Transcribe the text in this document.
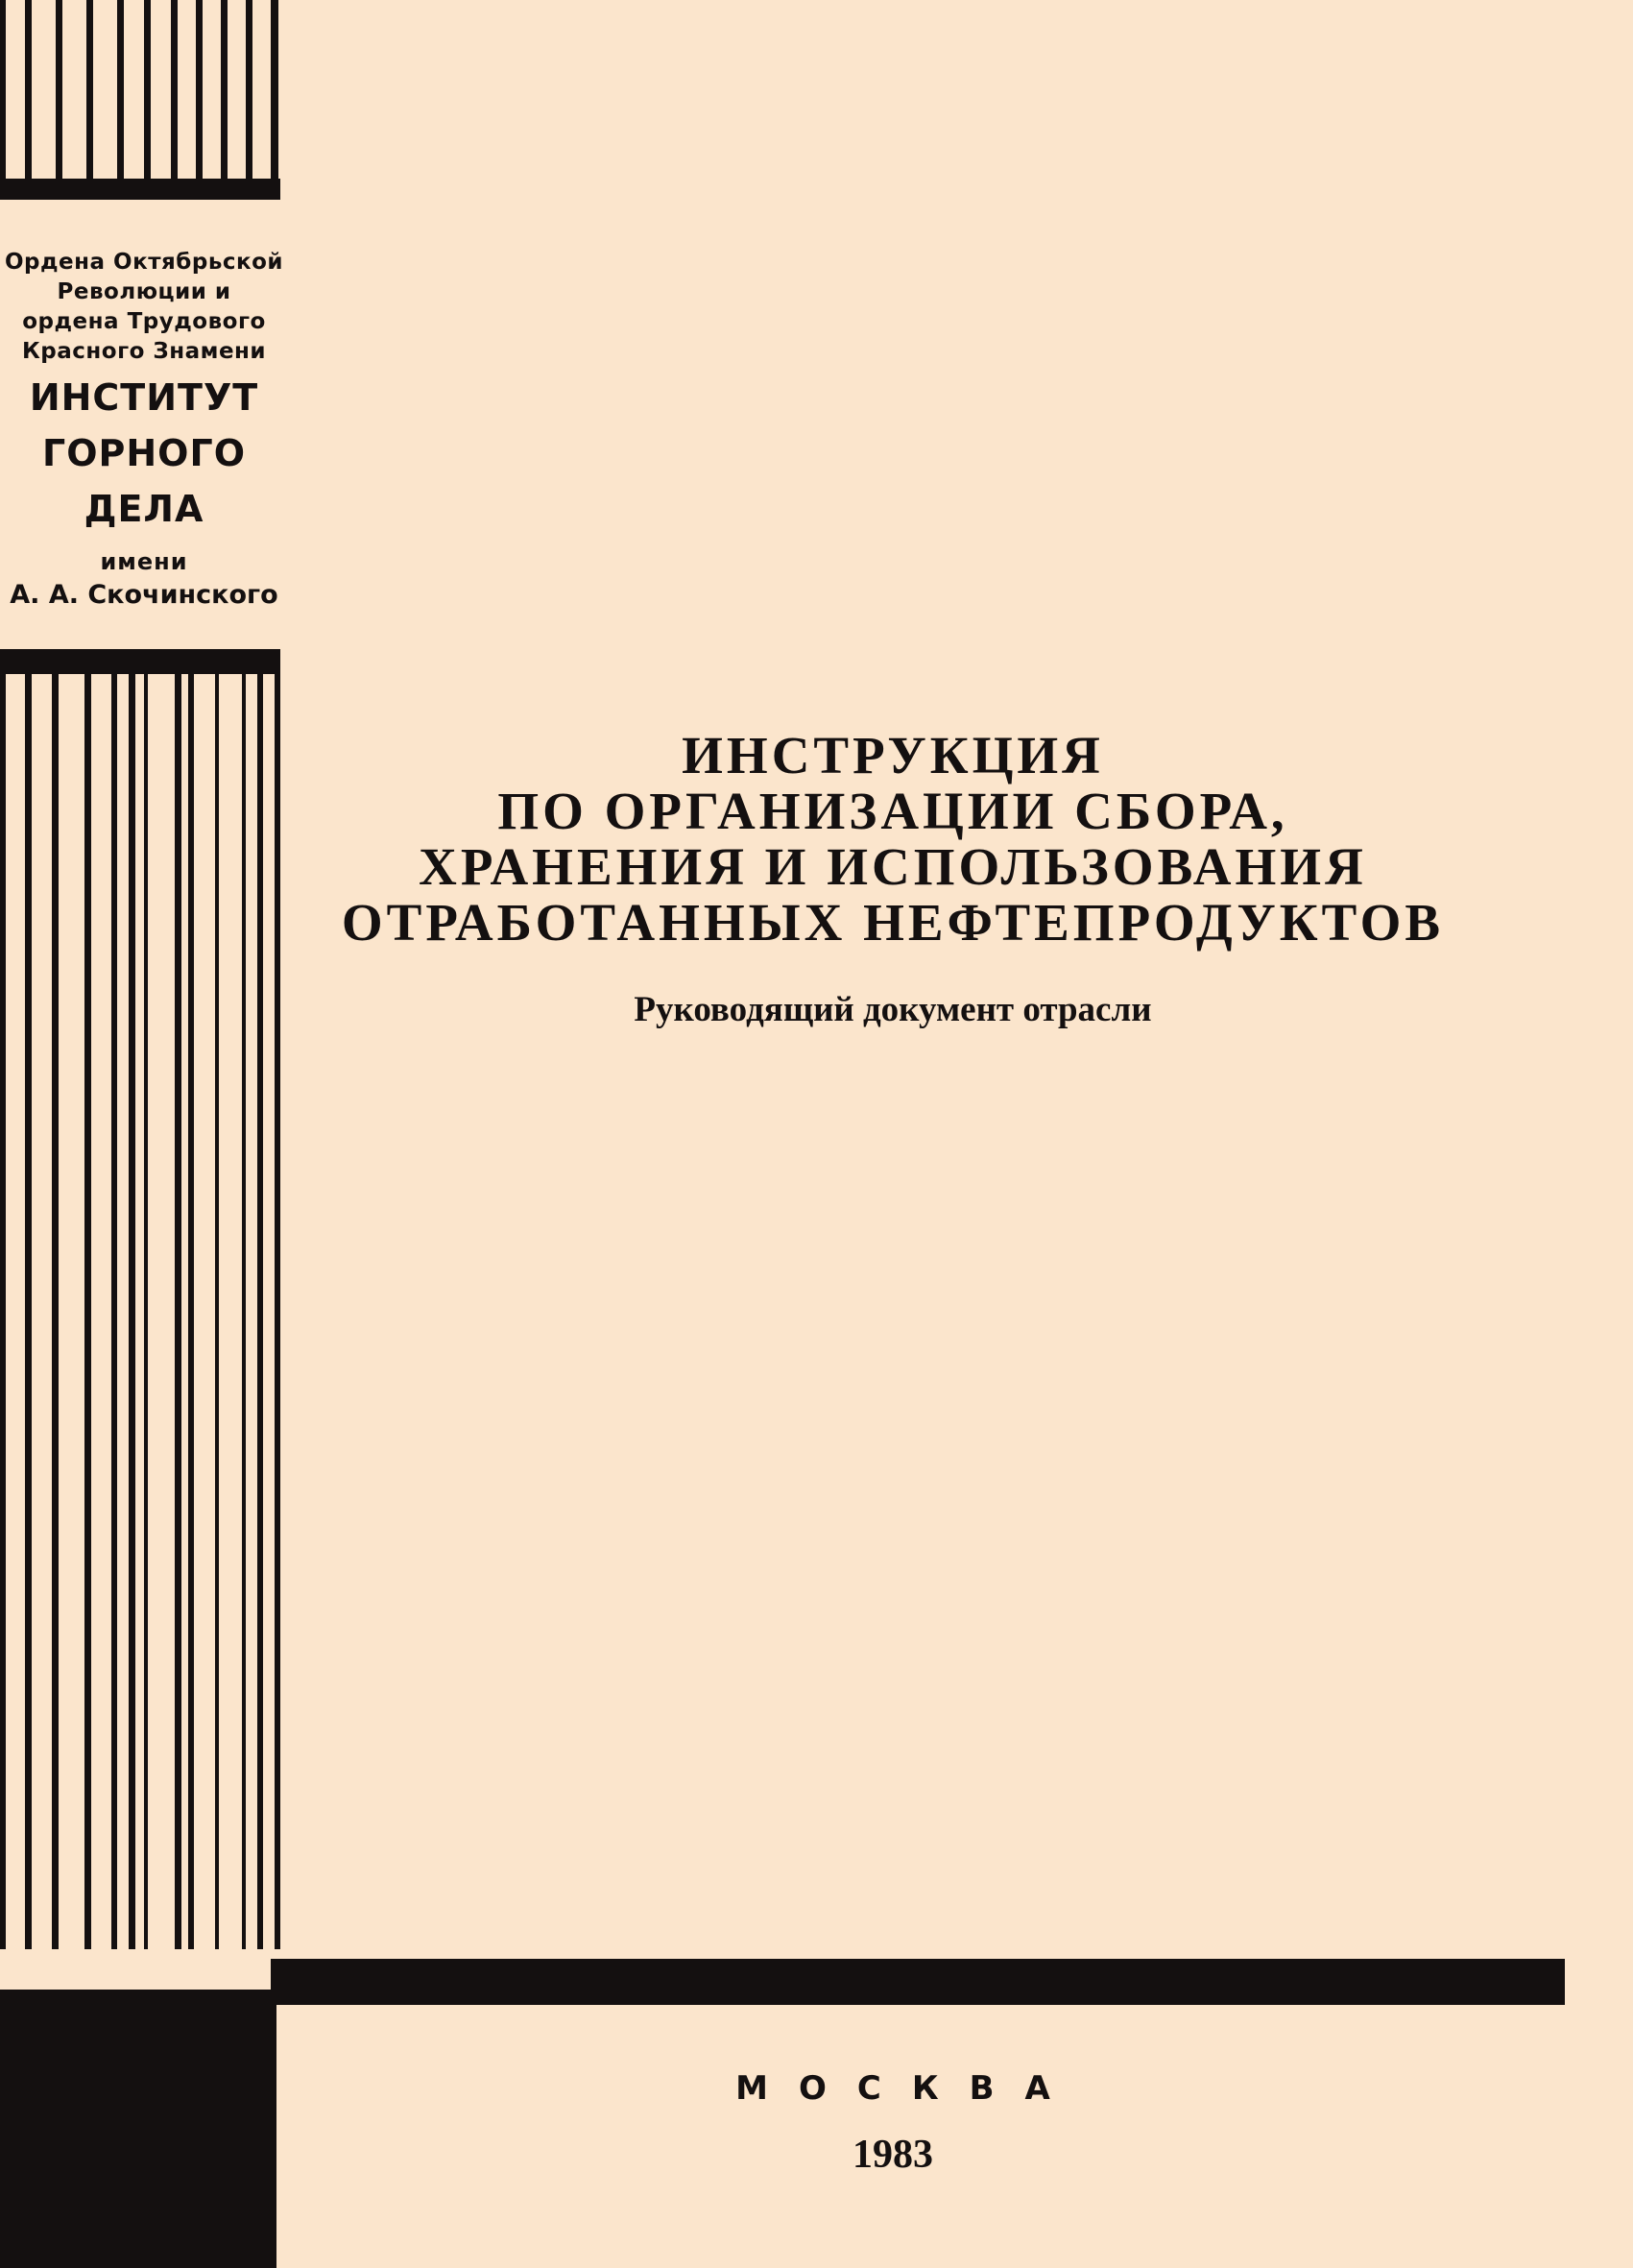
Ордена Октябрьской
Революции и
ордена Трудового
Красного Знамени
ИНСТИТУТ
ГОРНОГО
ДЕЛА
имени
А. А. Скочинского
ИНСТРУКЦИЯ
ПО ОРГАНИЗАЦИИ СБОРА,
ХРАНЕНИЯ И ИСПОЛЬЗОВАНИЯ
ОТРАБОТАННЫХ НЕФТЕПРОДУКТОВ
Руководящий документ отрасли
МОСКВА
1983
